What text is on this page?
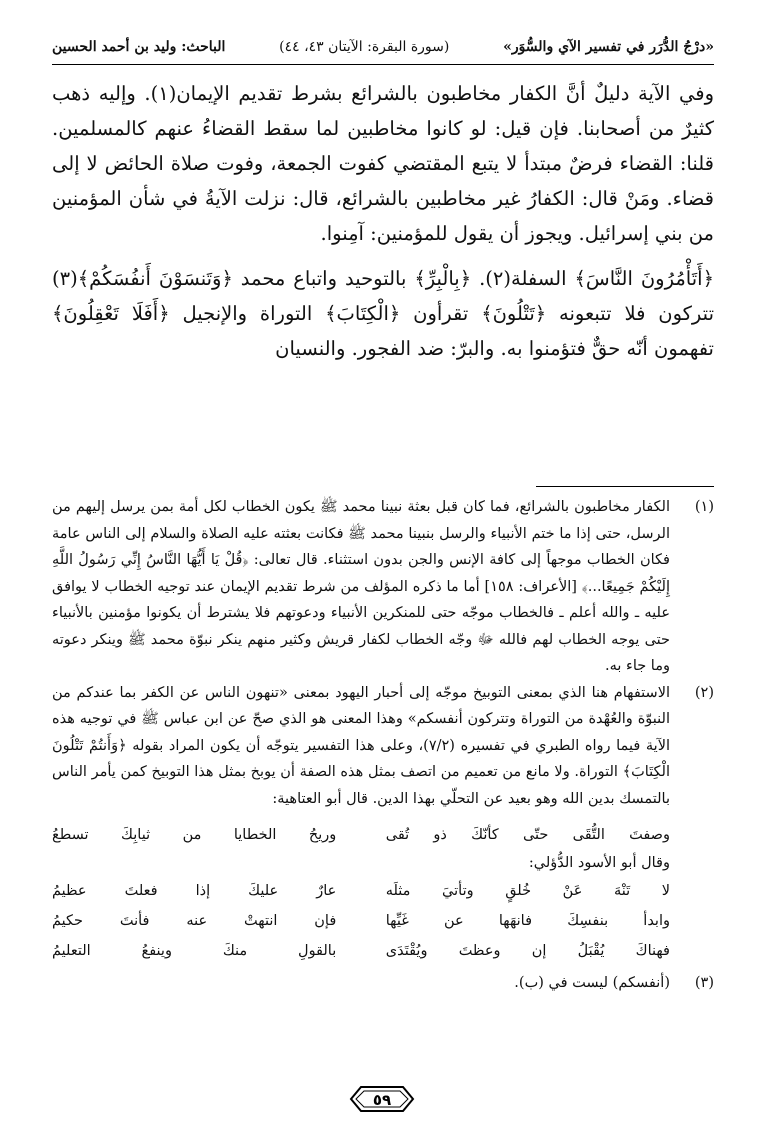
«درْجُ الدُّرَر في تفسير الآي والسُّوَر»
(سورة البقرة: الآيتان ٤٣، ٤٤)
الباحث: وليد بن أحمد الحسين

وفي الآية دليلٌ أنَّ الكفار مخاطبون بالشرائع بشرط تقديم الإيمان(١). وإليه ذهب كثيرٌ من أصحابنا. فإن قيل: لو كانوا مخاطبين لما سقط القضاءُ عنهم كالمسلمين. قلنا: القضاء فرضٌ مبتدأ لا يتبع المقتضي كفوت الجمعة، وفوت صلاة الحائض لا إلى قضاء. ومَنْ قال: الكفارُ غير مخاطبين بالشرائع، قال: نزلت الآيةُ في شأن المؤمنين من بني إسرائيل. ويجوز أن يقول للمؤمنين: آمِنوا.

﴿أَتَأْمُرُونَ النَّاسَ﴾ السفلة(٢). ﴿بِالْبِرِّ﴾ بالتوحيد واتباع محمد ﴿وَتَنسَوْنَ أَنفُسَكُمْ﴾(٣) تتركون فلا تتبعونه ﴿تَتْلُونَ﴾ تقرأون ﴿الْكِتَابَ﴾ التوراة والإنجيل ﴿أَفَلَا تَعْقِلُونَ﴾ تفهمون أنّه حقٌّ فتؤمنوا به. والبرّ: ضد الفجور. والنسيان

(١)

الكفار مخاطبون بالشرائع، فما كان قبل بعثة نبينا محمد ﷺ يكون الخطاب لكل أمة بمن يرسل إليهم من الرسل، حتى إذا ما ختم الأنبياء والرسل بنبينا محمد ﷺ فكانت بعثته عليه الصلاة والسلام إلى الناس عامة فكان الخطاب موجهاً إلى كافة الإنس والجن بدون استثناء. قال تعالى: ﴿قُلْ يَا أَيُّهَا النَّاسُ إِنِّي رَسُولُ اللَّهِ إِلَيْكُمْ جَمِيعًا...﴾ [الأعراف: ١٥٨] أما ما ذكره المؤلف من شرط تقديم الإيمان عند توجيه الخطاب لا يوافق عليه ـ والله أعلم ـ فالخطاب موجّه حتى للمنكرين الأنبياء ودعوتهم فلا يشترط أن يكونوا مؤمنين بالأنبياء حتى يوجه الخطاب لهم فالله ﷻ وجّه الخطاب لكفار قريش وكثير منهم ينكر نبوّة محمد ﷺ وينكر دعوته وما جاء به.

(٢)

الاستفهام هنا الذي بمعنى التوبيخ موجّه إلى أحبار اليهود بمعنى «تنهون الناس عن الكفر بما عندكم من النبوّة والعُهْدة من التوراة وتتركون أنفسكم» وهذا المعنى هو الذي صحّ عن ابن عباس ﷺ في توجيه هذه الآية فيما رواه الطبري في تفسيره (٧/٢)، وعلى هذا التفسير يتوجّه أن يكون المراد بقوله ﴿وَأَنتُمْ تَتْلُونَ الْكِتَابَ﴾ التوراة. ولا مانع من تعميم من اتصف بمثل هذه الصفة أن يوبخ بمثل هذا التوبيخ كمن يأمر الناس بالتمسك بدين الله وهو بعيد عن التحلّي بهذا الدين. قال أبو العتاهية:

وصفتَ التُّقَى حتّى كأنّكَ ذو تُقى
وريحُ الخطايا من ثيابِكَ تسطعُ
وقال أبو الأسود الدُّؤلي:
لا تَنْهَ عَنْ خُلقٍ وتأتيَ مثلَه
عارٌ عليكَ إذا فعلتَ عظيمُ
وابدأ بنفسِكَ فانهَها عن غَيِّها
فإن انتهتْ عنه فأنتَ حكيمُ
فهناكَ يُقْبَلُ إن وعظتَ ويُقْتَدَى
بالقولِ منكَ وينفعُ التعليمُ
(٣)

(أنفسكم) ليست في (ب).

٥٩
